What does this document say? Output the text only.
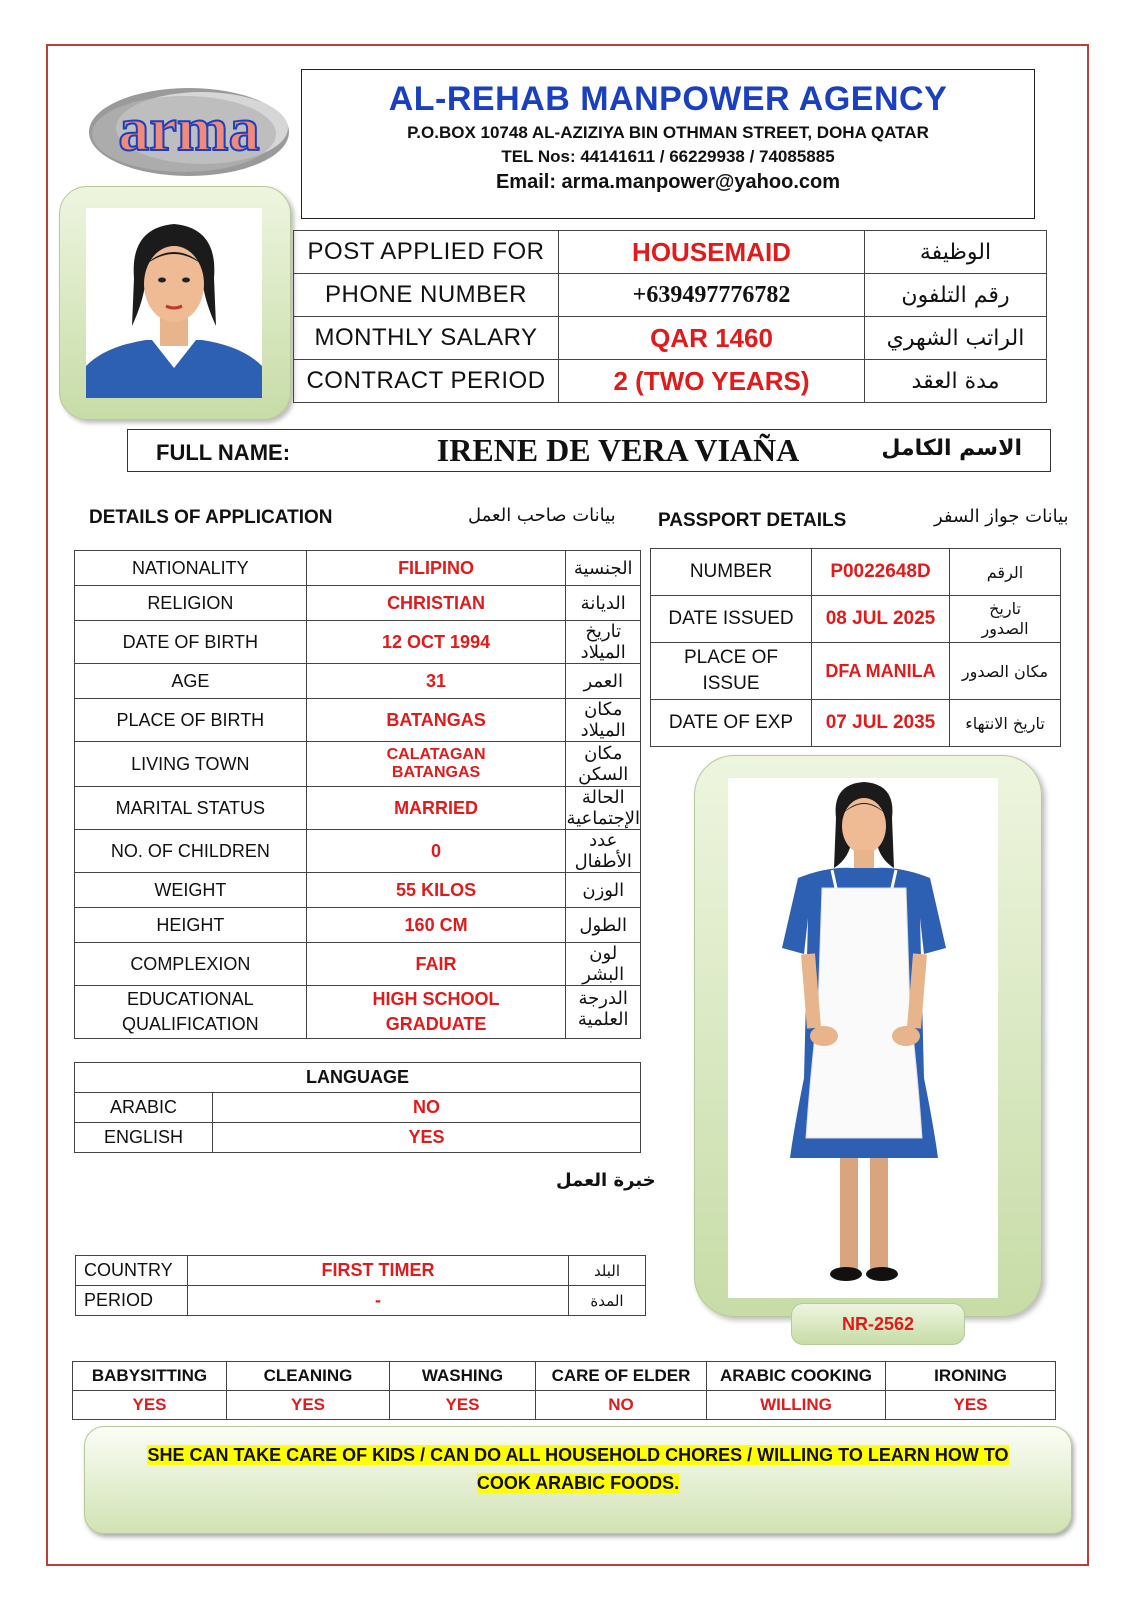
arma	AL-REHAB MANPOWER AGENCY
P.O.BOX 10748 AL-AZIZIYA BIN OTHMAN STREET, DOHA QATAR
TEL Nos: 44141611 / 66229938 / 74085885
Email: arma.manpower@yahoo.com
POST APPLIED FOR	HOUSEMAID	الوظيفة
PHONE NUMBER	+639497776782	رقم التلفون
MONTHLY SALARY	QAR 1460	الراتب الشهري
CONTRACT PERIOD	2 (TWO YEARS)	مدة العقد
FULL NAME:	IRENE DE VERA VIAÑA	الاسم الكامل
DETAILS OF APPLICATION	بيانات صاحب العمل PASSPORT DETAILS	بيانات جواز السفر
NATIONALITY	FILIPINO	الجنسية
RELIGION	CHRISTIAN	الديانة
DATE OF BIRTH	12 OCT 1994	تاريخ الميلاد
AGE	31	العمر
PLACE OF BIRTH	BATANGAS	مكان الميلاد
LIVING TOWN	CALATAGAN BATANGAS	مكان السكن
MARITAL STATUS	MARRIED	الحالة الإجتماعية
NO. OF CHILDREN	0	عدد الأطفال
WEIGHT	55 KILOS	الوزن
HEIGHT	160 CM	الطول
COMPLEXION	FAIR	لون البشر
EDUCATIONAL QUALIFICATION	HIGH SCHOOL GRADUATE	الدرجة العلمية
NUMBER	P0022648D	الرقم
DATE ISSUED	08 JUL 2025	تاريخ الصدور
PLACE OF ISSUE	DFA MANILA	مكان الصدور
DATE OF EXP	07 JUL 2035	تاريخ الانتهاء
NR-2562
LANGUAGE	
ARABIC	NO
ENGLISH	YES
خبرة العمل
COUNTRY	FIRST TIMER	البلد
PERIOD	-	المدة
BABYSITTING	CLEANING	WASHING	CARE OF ELDER	ARABIC COOKING	IRONING
YES	YES	YES	NO	WILLING	YES
SHE CAN TAKE CARE OF KIDS / CAN DO ALL HOUSEHOLD CHORES / WILLING TO LEARN HOW TO COOK ARABIC FOODS.
